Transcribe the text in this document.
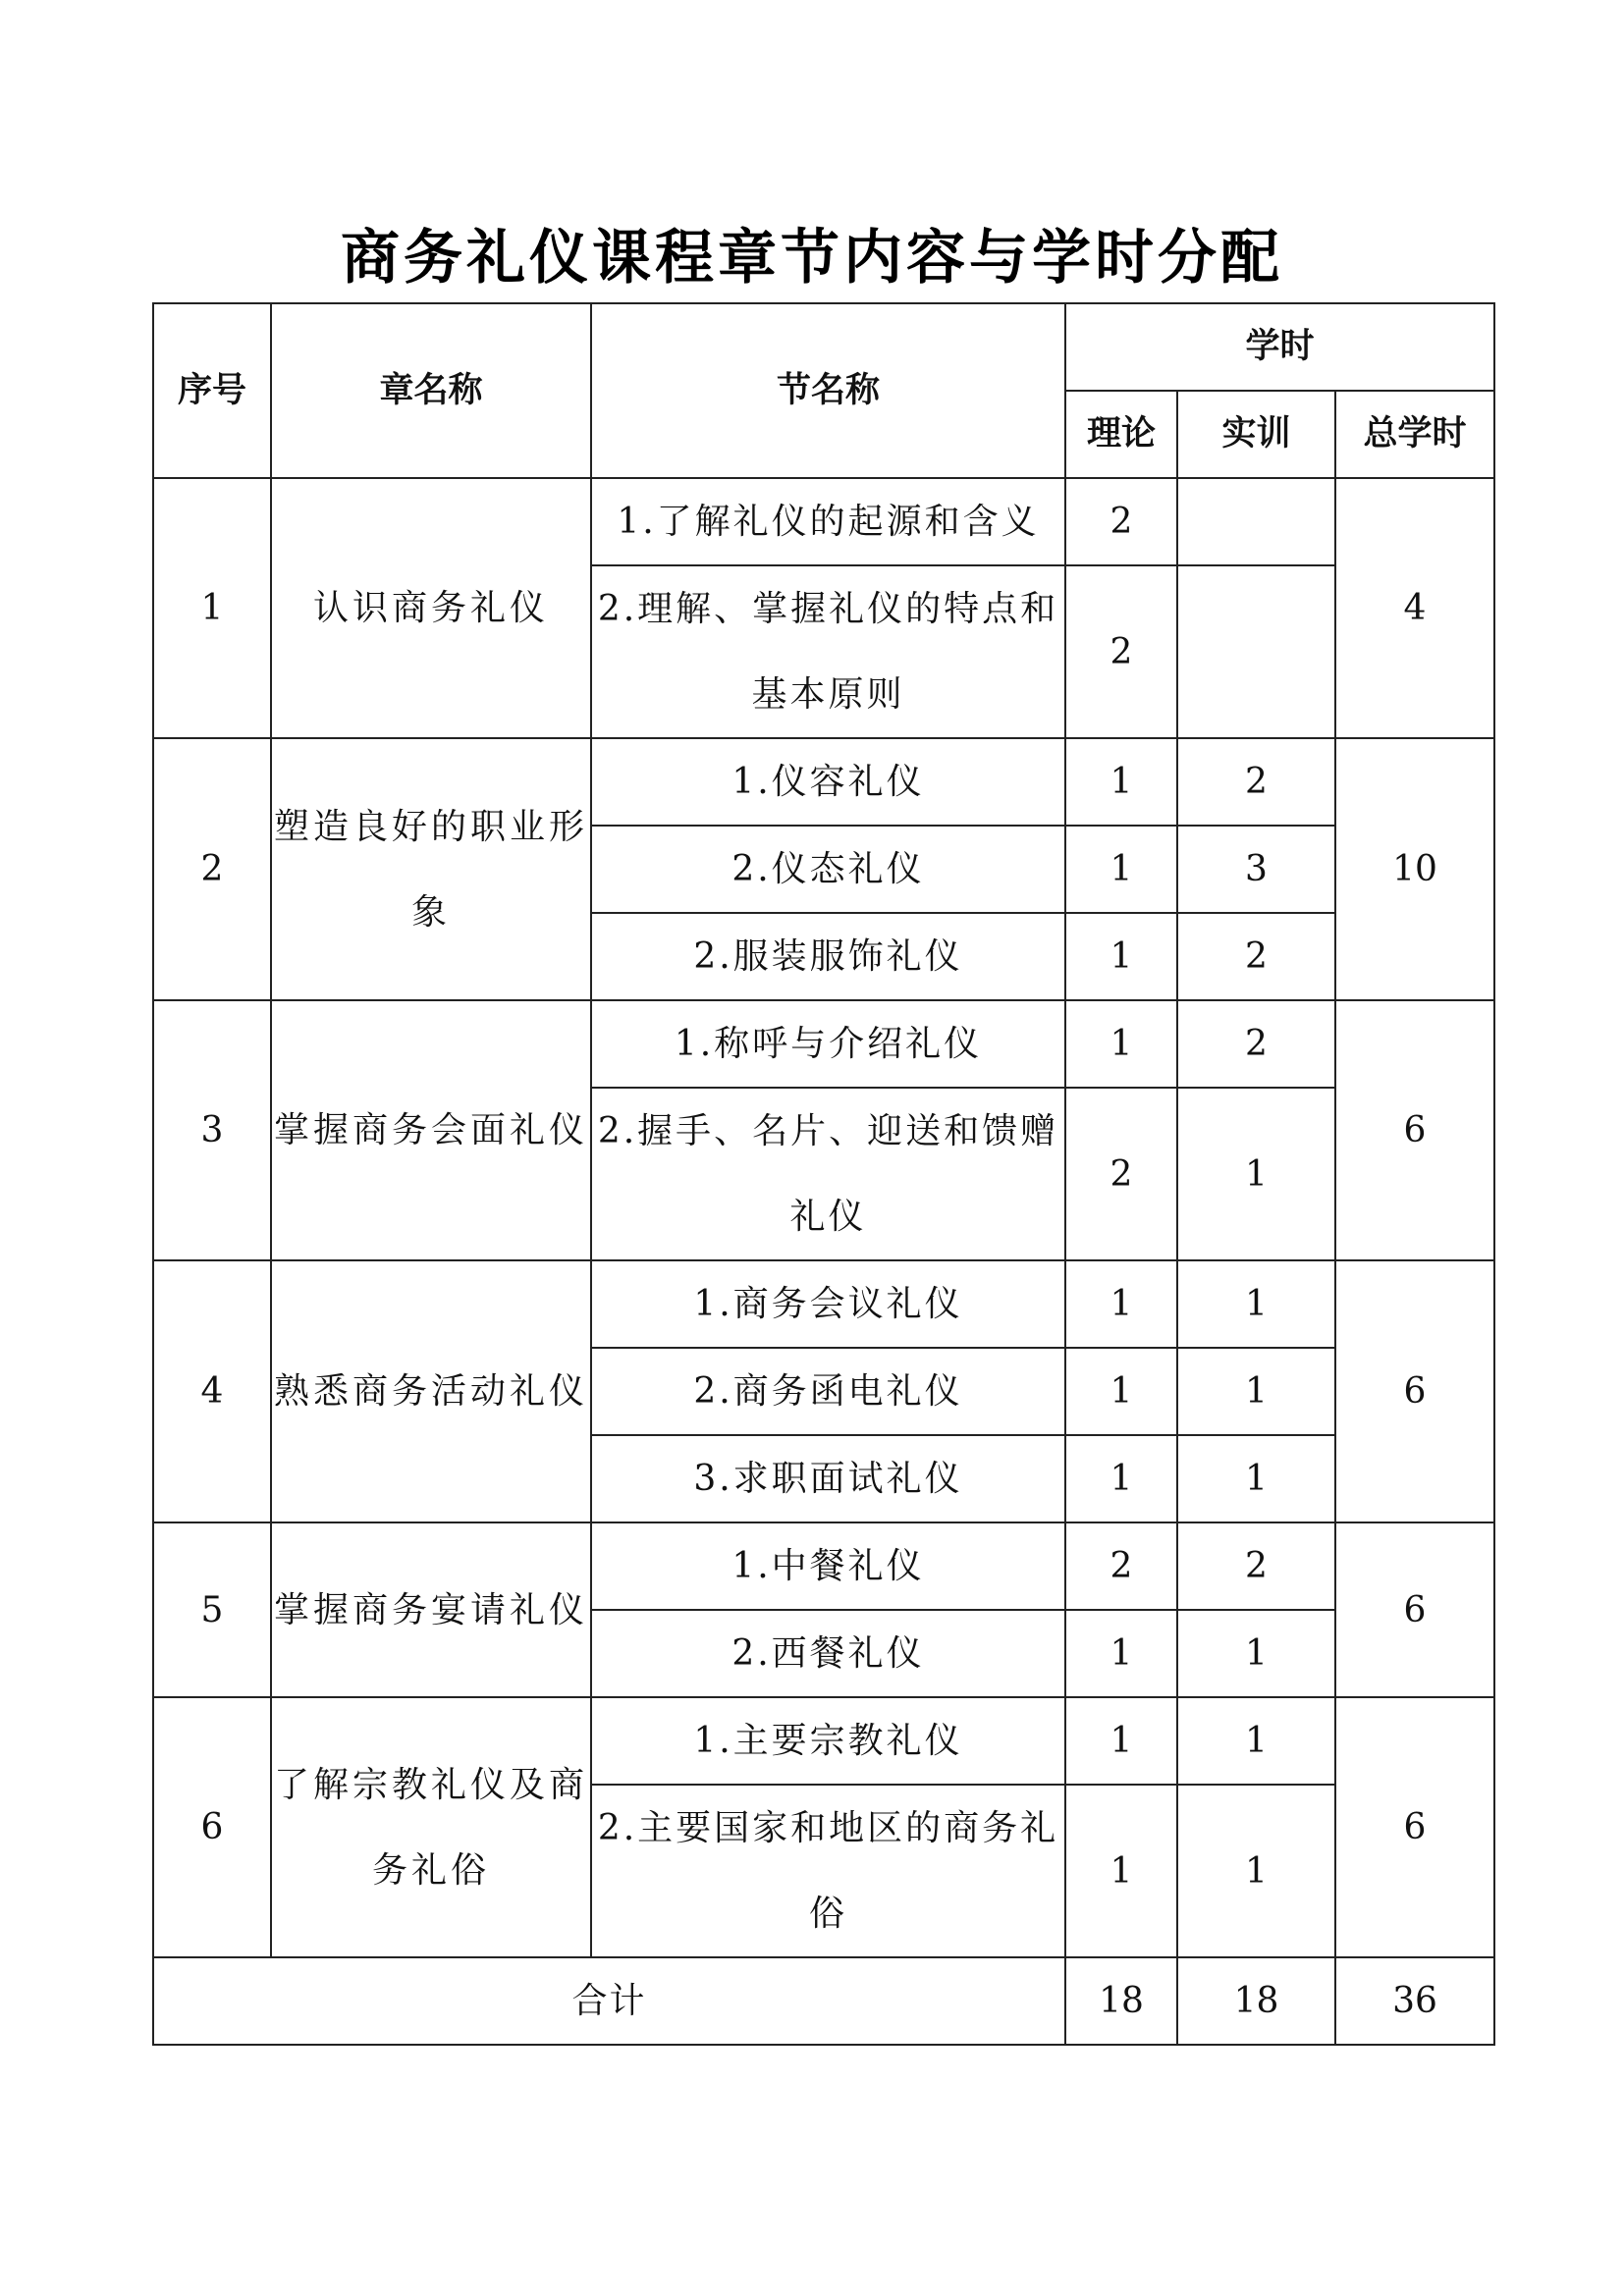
商务礼仪课程章节内容与学时分配
序号	章名称	节名称	学时		
			理论	实训	总学时
1	认识商务礼仪	1.了解礼仪的起源和含义	2		4
		2.理解、掌握礼仪的特点和基本原则	2		
2	塑造良好的职业形象	1.仪容礼仪	1	2	10
		2.仪态礼仪	1	3	
		2.服装服饰礼仪	1	2	
3	掌握商务会面礼仪	1.称呼与介绍礼仪	1	2	6
		2.握手、名片、迎送和馈赠礼仪	2	1	
4	熟悉商务活动礼仪	1.商务会议礼仪	1	1	6
		2.商务函电礼仪	1	1	
		3.求职面试礼仪	1	1	
5	掌握商务宴请礼仪	1.中餐礼仪	2	2	6
		2.西餐礼仪	1	1	
6	了解宗教礼仪及商务礼俗	1.主要宗教礼仪	1	1	6
		2.主要国家和地区的商务礼俗	1	1	
合计			18	18	36
